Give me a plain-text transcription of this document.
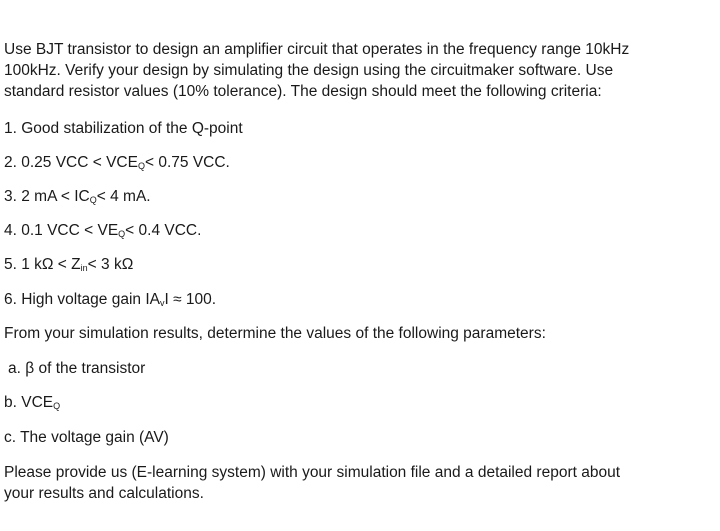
Use BJT transistor to design an amplifier circuit that operates in the frequency range 10kHz
100kHz. Verify your design by simulating the design using the circuitmaker software. Use
standard resistor values (10% tolerance). The design should meet the following criteria:
1. Good stabilization of the Q-point
2. 0.25 VCC < $VCE_Q< 0.75$ VCC.
3. 2 mA < $IC_Q< 4$ mA.
4. 0.1 VCC < $VE_Q< 0.4$ VCC.
5. 1 $k\Omega < Z_{in}< 3$ kΩ
6. High voltage gain $IA_vI \approx 100$.
From your simulation results, determine the values of the following parameters:
a. β of the transistor
b. $VCE_Q$
c. The voltage gain (AV)
Please provide us (E-learning system) with your simulation file and a detailed report about
your results and calculations.
